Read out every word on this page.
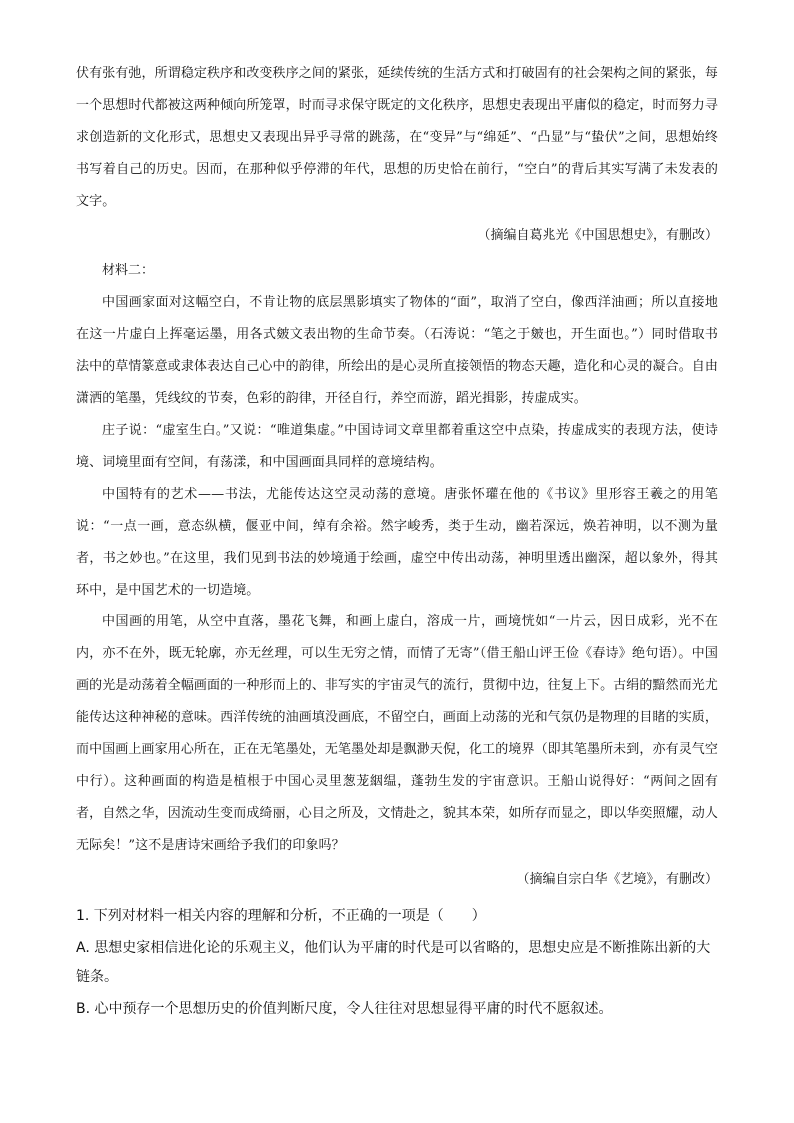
伏有张有弛，所谓稳定秩序和改变秩序之间的紧张，延续传统的生活方式和打破固有的社会架构之间的紧张，每一个思想时代都被这两种倾向所笼罩，时而寻求保守既定的文化秩序，思想史表现出平庸似的稳定，时而努力寻求创造新的文化形式，思想史又表现出异乎寻常的跳荡，在“变异”与“绵延”、“凸显”与“蛰伏”之间，思想始终书写着自己的历史。因而，在那种似乎停滞的年代，思想的历史恰在前行，“空白”的背后其实写满了未发表的文字。

（摘编自葛兆光《中国思想史》，有删改）

材料二：

中国画家面对这幅空白，不肯让物的底层黑影填实了物体的“面”，取消了空白，像西洋油画；所以直接地在这一片虚白上挥毫运墨，用各式皴文表出物的生命节奏。（石涛说：“笔之于皴也，开生面也。”）同时借取书法中的草情篆意或隶体表达自己心中的韵律，所绘出的是心灵所直接领悟的物态天趣，造化和心灵的凝合。自由潇洒的笔墨，凭线纹的节奏，色彩的韵律，开径自行，养空而游，蹈光揖影，抟虚成实。

庄子说：“虚室生白。”又说：“唯道集虚。”中国诗词文章里都着重这空中点染，抟虚成实的表现方法，使诗境、词境里面有空间，有荡漾，和中国画面具同样的意境结构。

中国特有的艺术——书法，尤能传达这空灵动荡的意境。唐张怀瓘在他的《书议》里形容王羲之的用笔说：“一点一画，意态纵横，偃亚中间，绰有余裕。然字峻秀，类于生动，幽若深远，焕若神明，以不测为量者，书之妙也。”在这里，我们见到书法的妙境通于绘画，虚空中传出动荡，神明里透出幽深，超以象外，得其环中，是中国艺术的一切造境。

中国画的用笔，从空中直落，墨花飞舞，和画上虚白，溶成一片，画境恍如“一片云，因日成彩，光不在内，亦不在外，既无轮廓，亦无丝理，可以生无穷之情，而情了无寄”（借王船山评王俭《春诗》绝句语）。中国画的光是动荡着全幅画面的一种形而上的、非写实的宇宙灵气的流行，贯彻中边，往复上下。古绢的黯然而光尤能传达这种神秘的意味。西洋传统的油画填没画底，不留空白，画面上动荡的光和气氛仍是物理的目睹的实质，而中国画上画家用心所在，正在无笔墨处，无笔墨处却是飘渺天倪，化工的境界（即其笔墨所未到，亦有灵气空中行）。这种画面的构造是植根于中国心灵里葱茏絪缊，蓬勃生发的宇宙意识。王船山说得好：“两间之固有者，自然之华，因流动生变而成绮丽，心目之所及，文情赴之，貌其本荣，如所存而显之，即以华奕照耀，动人无际矣！”这不是唐诗宋画给予我们的印象吗？

（摘编自宗白华《艺境》，有删改）

1. 下列对材料一相关内容的理解和分析，不正确的一项是（　　）

A. 思想史家相信进化论的乐观主义，他们认为平庸的时代是可以省略的，思想史应是不断推陈出新的大链条。

B. 心中预存一个思想历史的价值判断尺度，令人往往对思想显得平庸的时代不愿叙述。
